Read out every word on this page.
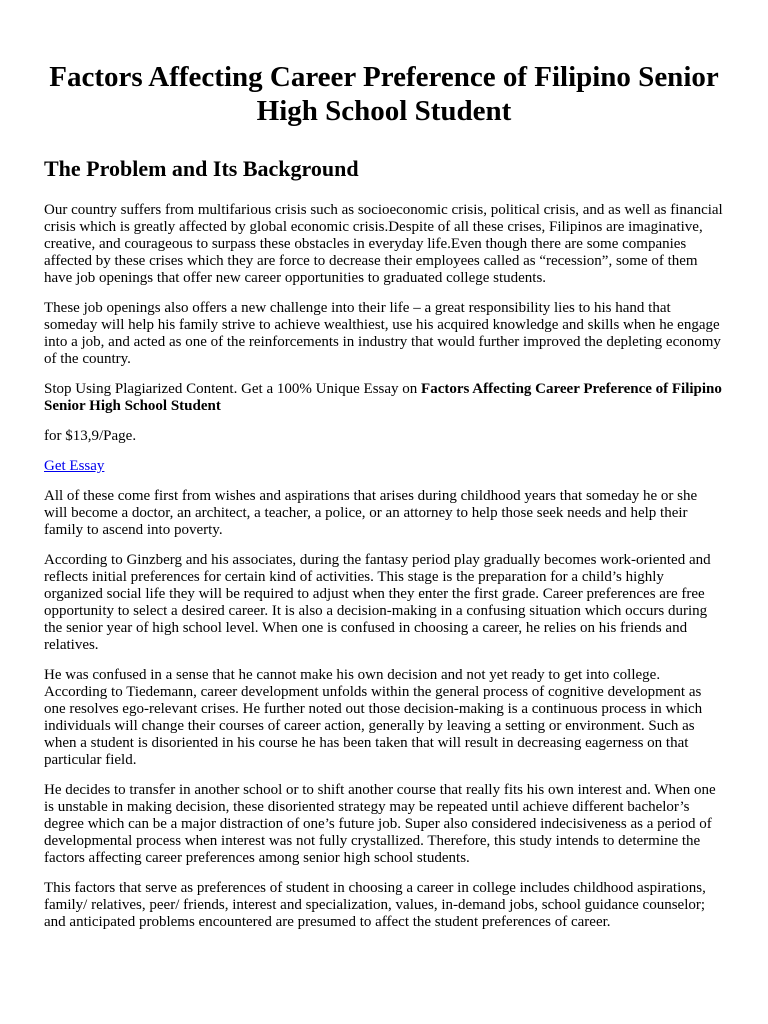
Factors Affecting Career Preference of Filipino Senior High School Student
The Problem and Its Background

Our country suffers from multifarious crisis such as socioeconomic crisis, political crisis, and as well as financial crisis which is greatly affected by global economic crisis.Despite of all these crises, Filipinos are imaginative, creative, and courageous to surpass these obstacles in everyday life.Even though there are some companies affected by these crises which they are force to decrease their employees called as “recession”, some of them have job openings that offer new career opportunities to graduated college students.

These job openings also offers a new challenge into their life – a great responsibility lies to his hand that someday will help his family strive to achieve wealthiest, use his acquired knowledge and skills when he engage into a job, and acted as one of the reinforcements in industry that would further improved the depleting economy of the country.

Stop Using Plagiarized Content. Get a 100% Unique Essay on Factors Affecting Career Preference of Filipino Senior High School Student

for $13,9/Page.

Get Essay

All of these come first from wishes and aspirations that arises during childhood years that someday he or she will become a doctor, an architect, a teacher, a police, or an attorney to help those seek needs and help their family to ascend into poverty.

According to Ginzberg and his associates, during the fantasy period play gradually becomes work-oriented and reflects initial preferences for certain kind of activities. This stage is the preparation for a child’s highly organized social life they will be required to adjust when they enter the first grade. Career preferences are free opportunity to select a desired career. It is also a decision-making in a confusing situation which occurs during the senior year of high school level. When one is confused in choosing a career, he relies on his friends and relatives.

He was confused in a sense that he cannot make his own decision and not yet ready to get into college. According to Tiedemann, career development unfolds within the general process of cognitive development as one resolves ego-relevant crises. He further noted out those decision-making is a continuous process in which individuals will change their courses of career action, generally by leaving a setting or environment. Such as when a student is disoriented in his course he has been taken that will result in decreasing eagerness on that particular field.

He decides to transfer in another school or to shift another course that really fits his own interest and. When one is unstable in making decision, these disoriented strategy may be repeated until achieve different bachelor’s degree which can be a major distraction of one’s future job. Super also considered indecisiveness as a period of developmental process when interest was not fully crystallized. Therefore, this study intends to determine the factors affecting career preferences among senior high school students.

This factors that serve as preferences of student in choosing a career in college includes childhood aspirations, family/ relatives, peer/ friends, interest and specialization, values, in-demand jobs, school guidance counselor; and anticipated problems encountered are presumed to affect the student preferences of career.
